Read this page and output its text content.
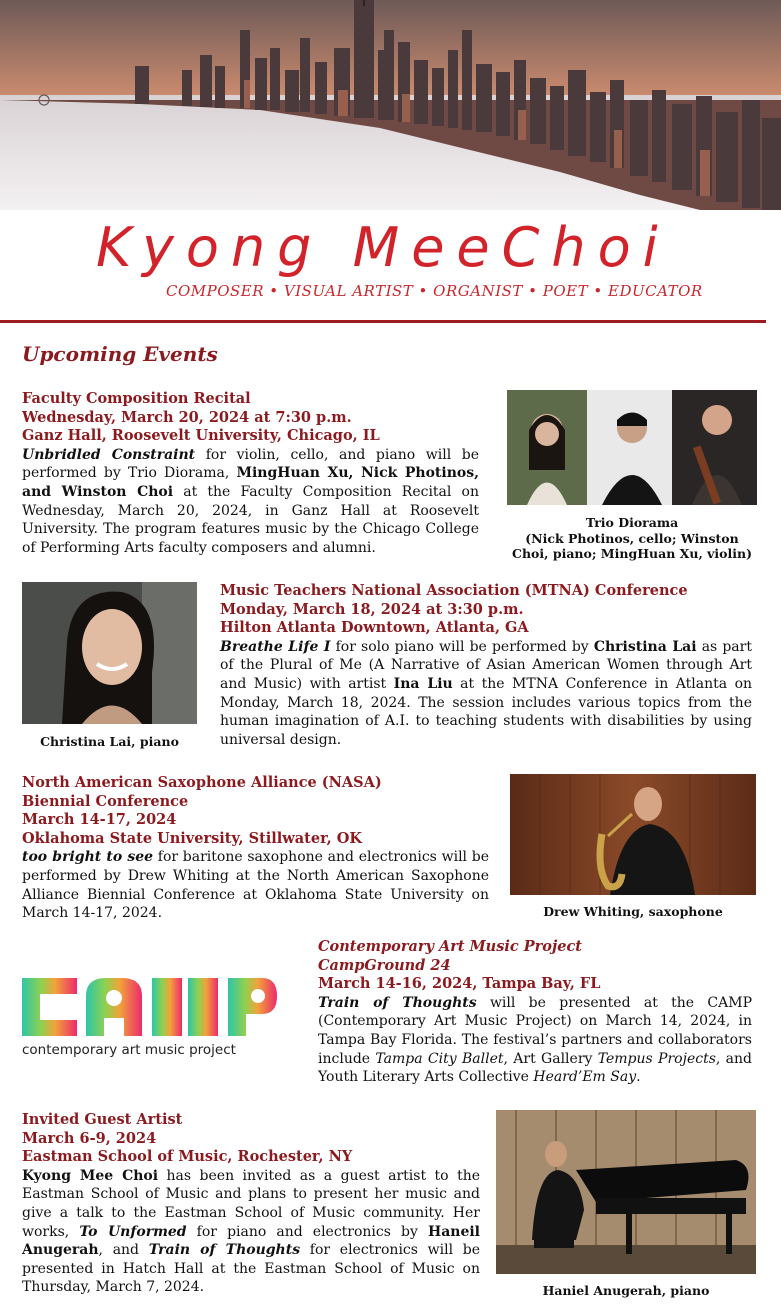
Kyong MeeChoi
COMPOSER • VISUAL ARTIST • ORGANIST • POET • EDUCATOR
Upcoming Events
Faculty Composition Recital
Wednesday, March 20, 2024 at 7:30 p.m.
Ganz Hall, Roosevelt University, Chicago, IL
Unbridled Constraint for violin, cello, and piano will be performed by Trio Diorama, MingHuan Xu, Nick Photinos, and Winston Choi at the Faculty Composition Recital on Wednesday, March 20, 2024, in Ganz Hall at Roosevelt University. The program features music by the Chicago College of Performing Arts faculty composers and alumni.
Trio Diorama
(Nick Photinos, cello; Winston Choi, piano; MingHuan Xu, violin)
Christina Lai, piano
Music Teachers National Association (MTNA) Conference
Monday, March 18, 2024 at 3:30 p.m.
Hilton Atlanta Downtown, Atlanta, GA
Breathe Life I for solo piano will be performed by Christina Lai as part of the Plural of Me (A Narrative of Asian American Women through Art and Music) with artist Ina Liu at the MTNA Conference in Atlanta on Monday, March 18, 2024. The session includes various topics from the human imagination of A.I. to teaching students with disabilities by using universal design.
North American Saxophone Alliance (NASA)
Biennial Conference
March 14-17, 2024
Oklahoma State University, Stillwater, OK
too bright to see for baritone saxophone and electronics will be performed by Drew Whiting at the North American Saxophone Alliance Biennial Conference at Oklahoma State University on March 14-17, 2024.	Drew Whiting, saxophone
contemporary art music project
Contemporary Art Music Project
CampGround 24
March 14-16, 2024, Tampa Bay, FL
Train of Thoughts will be presented at the CAMP (Contemporary Art Music Project) on March 14, 2024, in Tampa Bay Florida. The festival’s partners and collaborators include Tampa City Ballet, Art Gallery Tempus Projects, and Youth Literary Arts Collective Heard’Em Say.
Invited Guest Artist
March 6-9, 2024
Eastman School of Music, Rochester, NY
Kyong Mee Choi has been invited as a guest artist to the Eastman School of Music and plans to present her music and give a talk to the Eastman School of Music community. Her works, To Unformed for piano and electronics by Haneil Anugerah, and Train of Thoughts for electronics will be presented in Hatch Hall at the Eastman School of Music on Thursday, March 7, 2024.	Haniel Anugerah, piano
